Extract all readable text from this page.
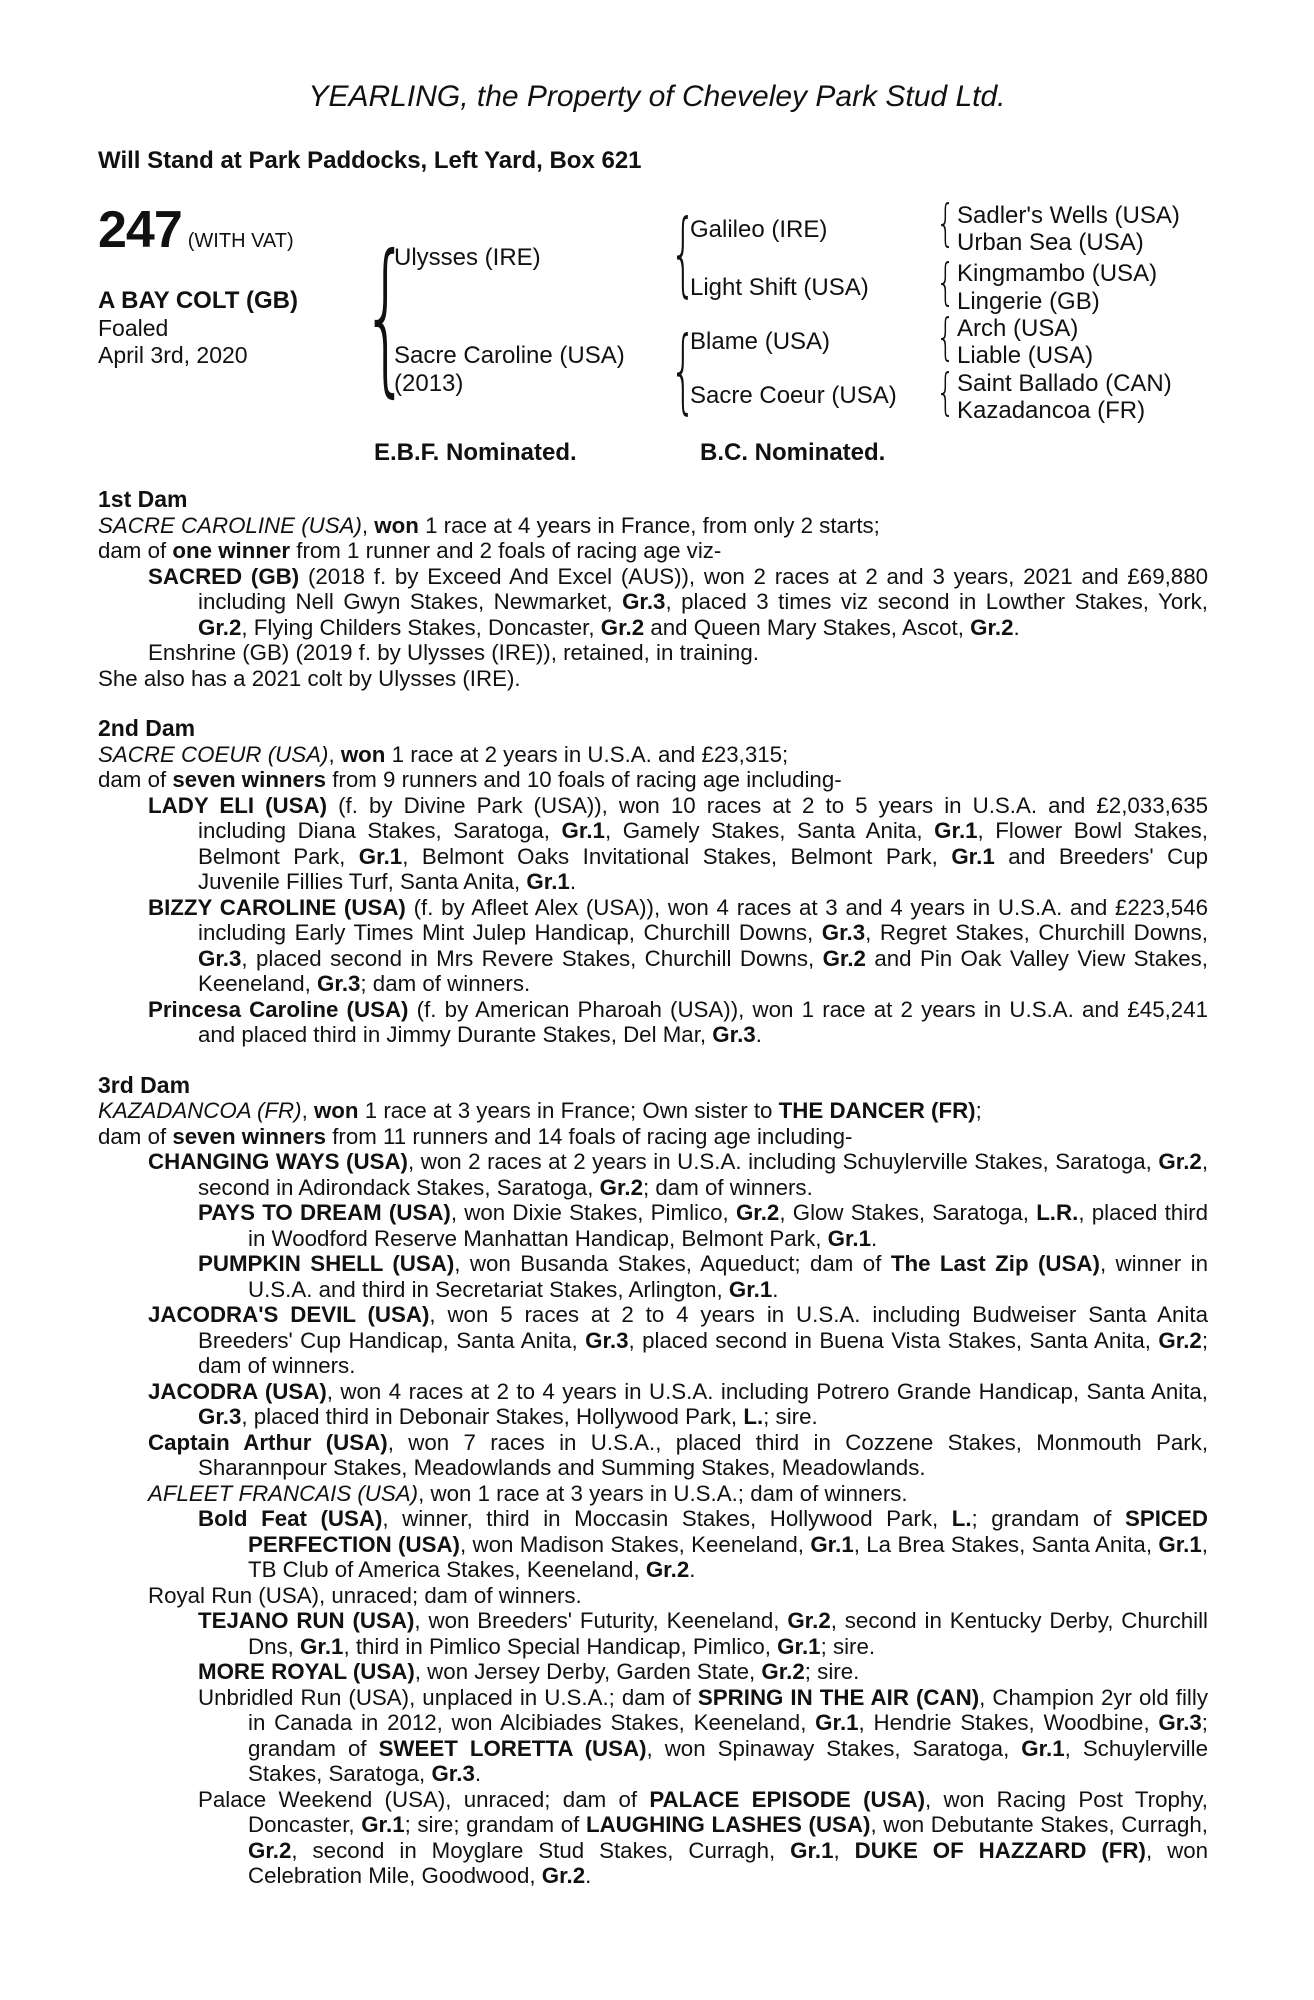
YEARLING, the Property of Cheveley Park Stud Ltd.
Will Stand at Park Paddocks, Left Yard, Box 621
247 (WITH VAT)
A BAY COLT (GB)
Foaled
April 3rd, 2020 {
Ulysses (IRE)
Sacre Caroline (USA)
(2013)
{
Galileo (IRE)
Light Shift (USA)
{
Blame (USA)
Sacre Coeur (USA)
{ Sadler's Wells (USA)
Urban Sea (USA)
{ Kingmambo (USA)
Lingerie (GB)
{ Arch (USA)
Liable (USA)
{ Saint Ballado (CAN)
Kazadancoa (FR)
E.B.F. Nominated.	B.C. Nominated.

1st Dam

SACRE CAROLINE (USA), won 1 race at 4 years in France, from only 2 starts;

dam of one winner from 1 runner and 2 foals of racing age viz-

SACRED (GB) (2018 f. by Exceed And Excel (AUS)), won 2 races at 2 and 3 years, 2021 and £69,880 including Nell Gwyn Stakes, Newmarket, Gr.3, placed 3 times viz second in Lowther Stakes, York, Gr.2, Flying Childers Stakes, Doncaster, Gr.2 and Queen Mary Stakes, Ascot, Gr.2.

Enshrine (GB) (2019 f. by Ulysses (IRE)), retained, in training.

She also has a 2021 colt by Ulysses (IRE).

2nd Dam

SACRE COEUR (USA), won 1 race at 2 years in U.S.A. and £23,315;

dam of seven winners from 9 runners and 10 foals of racing age including-

LADY ELI (USA) (f. by Divine Park (USA)), won 10 races at 2 to 5 years in U.S.A. and £2,033,635 including Diana Stakes, Saratoga, Gr.1, Gamely Stakes, Santa Anita, Gr.1, Flower Bowl Stakes, Belmont Park, Gr.1, Belmont Oaks Invitational Stakes, Belmont Park, Gr.1 and Breeders' Cup Juvenile Fillies Turf, Santa Anita, Gr.1.

BIZZY CAROLINE (USA) (f. by Afleet Alex (USA)), won 4 races at 3 and 4 years in U.S.A. and £223,546 including Early Times Mint Julep Handicap, Churchill Downs, Gr.3, Regret Stakes, Churchill Downs, Gr.3, placed second in Mrs Revere Stakes, Churchill Downs, Gr.2 and Pin Oak Valley View Stakes, Keeneland, Gr.3; dam of winners.

Princesa Caroline (USA) (f. by American Pharoah (USA)), won 1 race at 2 years in U.S.A. and £45,241 and placed third in Jimmy Durante Stakes, Del Mar, Gr.3.

3rd Dam

KAZADANCOA (FR), won 1 race at 3 years in France; Own sister to THE DANCER (FR);

dam of seven winners from 11 runners and 14 foals of racing age including-

CHANGING WAYS (USA), won 2 races at 2 years in U.S.A. including Schuylerville Stakes, Saratoga, Gr.2, second in Adirondack Stakes, Saratoga, Gr.2; dam of winners.

PAYS TO DREAM (USA), won Dixie Stakes, Pimlico, Gr.2, Glow Stakes, Saratoga, L.R., placed third in Woodford Reserve Manhattan Handicap, Belmont Park, Gr.1.

PUMPKIN SHELL (USA), won Busanda Stakes, Aqueduct; dam of The Last Zip (USA), winner in U.S.A. and third in Secretariat Stakes, Arlington, Gr.1.

JACODRA'S DEVIL (USA), won 5 races at 2 to 4 years in U.S.A. including Budweiser Santa Anita Breeders' Cup Handicap, Santa Anita, Gr.3, placed second in Buena Vista Stakes, Santa Anita, Gr.2; dam of winners.

JACODRA (USA), won 4 races at 2 to 4 years in U.S.A. including Potrero Grande Handicap, Santa Anita, Gr.3, placed third in Debonair Stakes, Hollywood Park, L.; sire.

Captain Arthur (USA), won 7 races in U.S.A., placed third in Cozzene Stakes, Monmouth Park, Sharannpour Stakes, Meadowlands and Summing Stakes, Meadowlands.

AFLEET FRANCAIS (USA), won 1 race at 3 years in U.S.A.; dam of winners.

Bold Feat (USA), winner, third in Moccasin Stakes, Hollywood Park, L.; grandam of SPICED PERFECTION (USA), won Madison Stakes, Keeneland, Gr.1, La Brea Stakes, Santa Anita, Gr.1, TB Club of America Stakes, Keeneland, Gr.2.

Royal Run (USA), unraced; dam of winners.

TEJANO RUN (USA), won Breeders' Futurity, Keeneland, Gr.2, second in Kentucky Derby, Churchill Dns, Gr.1, third in Pimlico Special Handicap, Pimlico, Gr.1; sire.

MORE ROYAL (USA), won Jersey Derby, Garden State, Gr.2; sire.

Unbridled Run (USA), unplaced in U.S.A.; dam of SPRING IN THE AIR (CAN), Champion 2yr old filly in Canada in 2012, won Alcibiades Stakes, Keeneland, Gr.1, Hendrie Stakes, Woodbine, Gr.3; grandam of SWEET LORETTA (USA), won Spinaway Stakes, Saratoga, Gr.1, Schuylerville Stakes, Saratoga, Gr.3.

Palace Weekend (USA), unraced; dam of PALACE EPISODE (USA), won Racing Post Trophy, Doncaster, Gr.1; sire; grandam of LAUGHING LASHES (USA), won Debutante Stakes, Curragh, Gr.2, second in Moyglare Stud Stakes, Curragh, Gr.1, DUKE OF HAZZARD (FR), won Celebration Mile, Goodwood, Gr.2.
